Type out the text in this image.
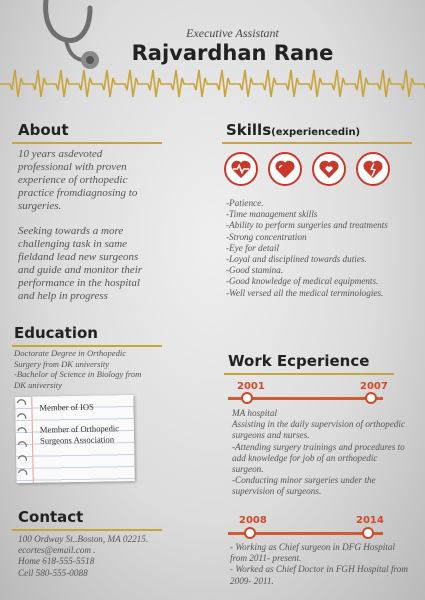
Executive Assistant
Rajvardhan Rane
About
10 years asdevoted
professional with proven
experience of orthopedic
practice fromdiagnosing to
surgeries.
Seeking towards a more
challenging task in same
fieldand lead new surgeons
and guide and monitor their
performance in the hospital
and help in progress
Skills(experiencedin)
-Patience.
-Time management skills
-Ability to perform surgeries and treatments
-Strong concentration
-Eye for detail
-Loyal and disciplined towards duties.
-Good stamina.
-Good knowledge of medical equipments.
-Well versed all the medical terminologies.
Education
Doctorate Degree in Orthopedic
Surgery from DK university
-Bachelor of Science in Biology from
DK university
Member of IOS
Member of Orthopedic
Surgeons Association
Work Ecperience
2001	2007
MA hospital
Assisting in the daily supervision of orthopedic
surgeons and nurses.
-Attending surgery trainings and procedures to
add knowledge for job of an orthopedic
surgeon.
-Conducting minor surgeries under the
supervision of surgeons.
2008	2014
- Working as Chief surgeon in DFG Hospital
from 2011- present.
- Worked as Chief Doctor in FGH Hospital from
2009- 2011.
Contact
100 Ordway St..Boston, MA 02215.
ecortes@email.com .
Home 618-555-5518
Cell 580-555-0088
